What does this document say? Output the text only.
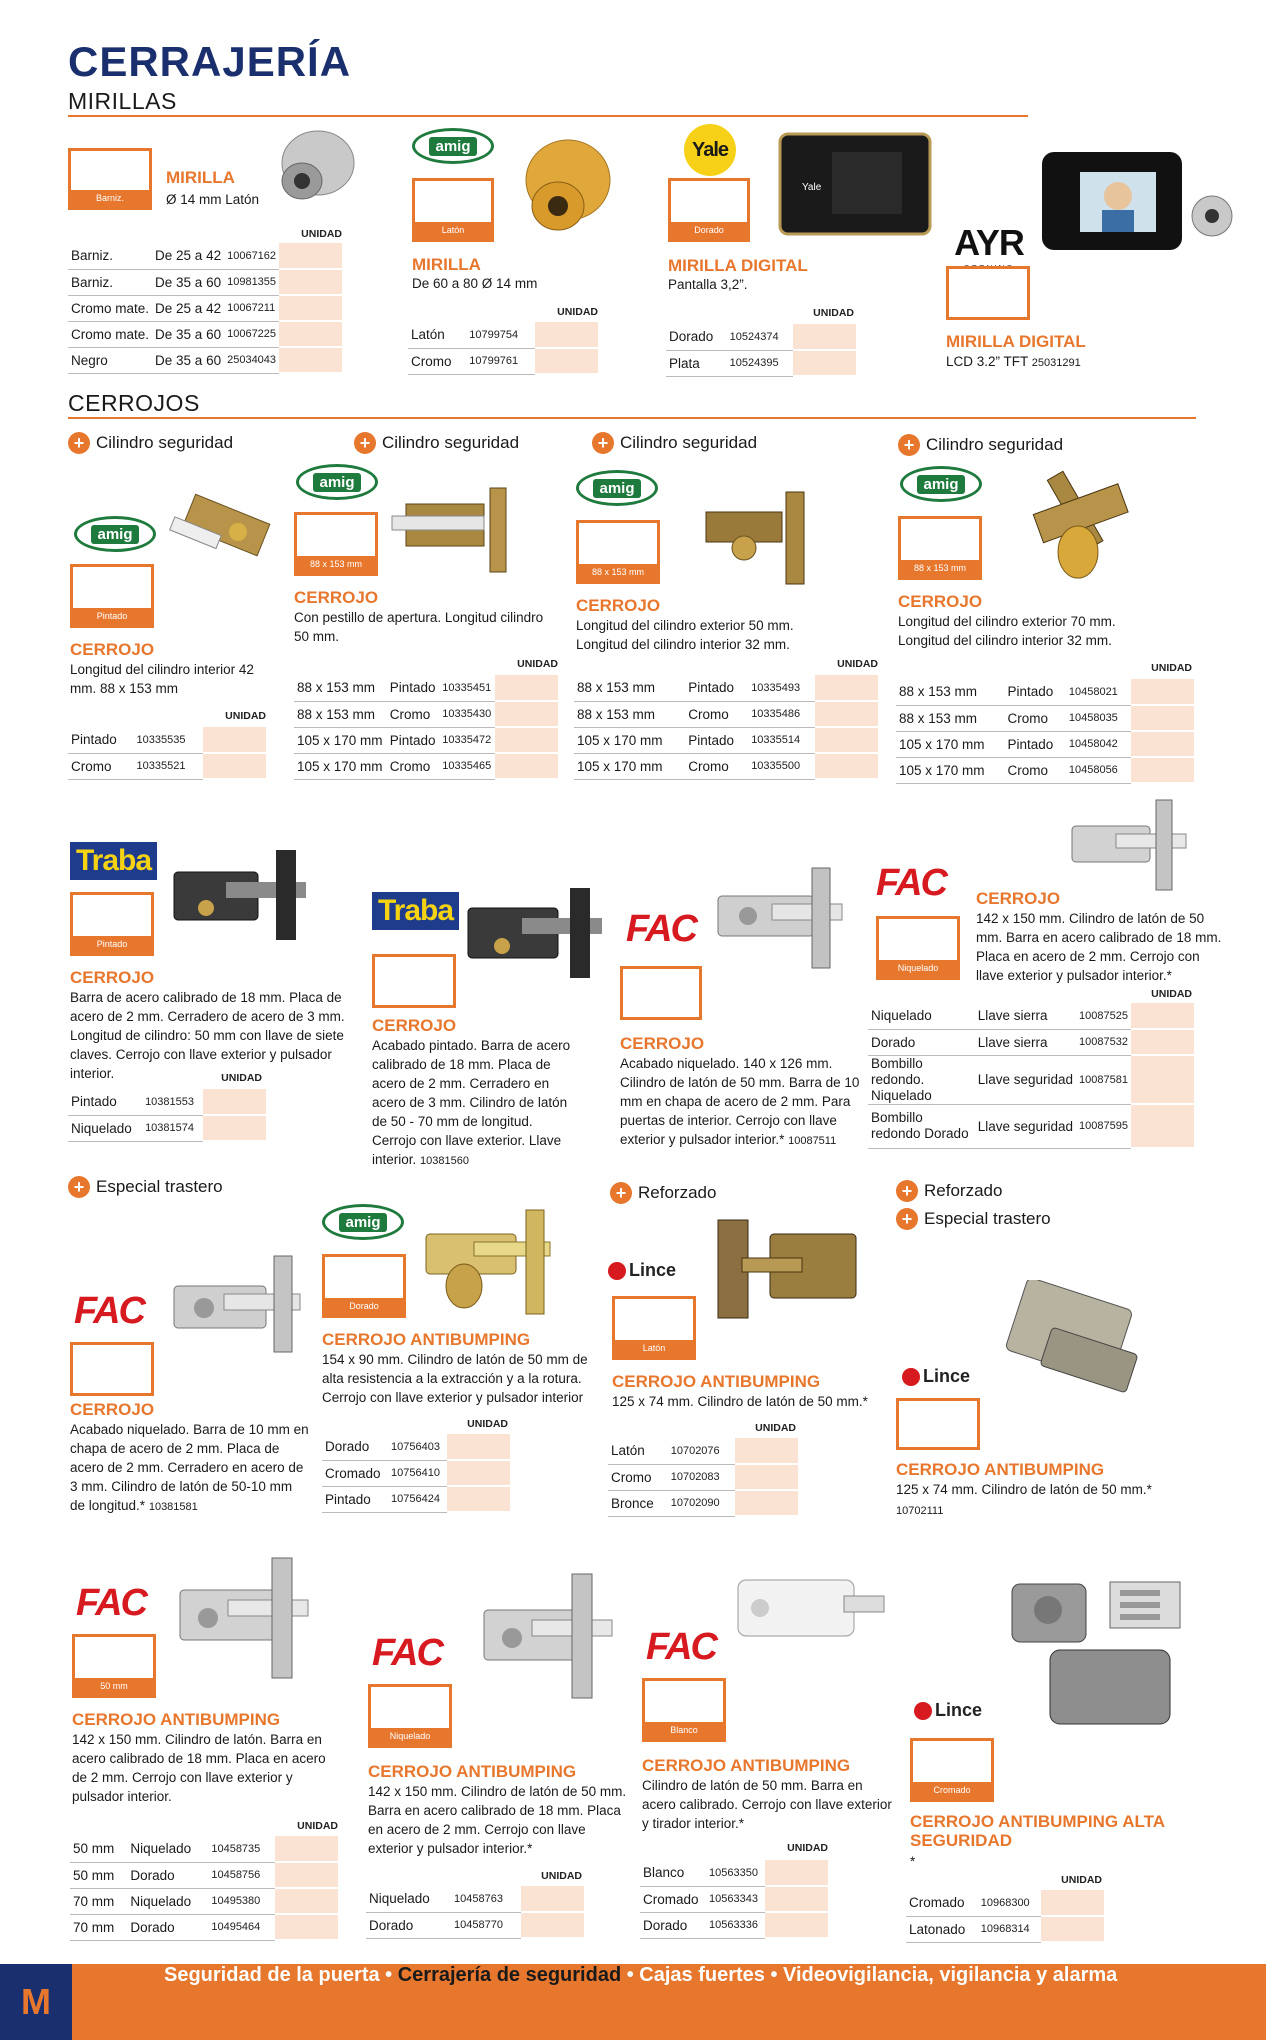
CERRAJERÍA
MIRILLAS
Barniz.
MIRILLA
Ø 14 mm Latón
UNIDAD
Barniz.	De 25 a 42	10067162	
Barniz.	De 35 a 60	10981355	
Cromo mate.	De 25 a 42	10067211	
Cromo mate.	De 35 a 60	10067225	
Negro	De 35 a 60	25034043	
amig
Latón
MIRILLA
De 60 a 80 Ø 14 mm
UNIDAD
Latón	10799754	
Cromo	10799761	
Yale
Dorado
Yale
MIRILLA DIGITAL
Pantalla 3,2”.
UNIDAD
Dorado	10524374	
Plata	10524395	
AYR
MIRILLA DIGITAL
LCD 3.2” TFT 25031291
CERROJOS
+ Cilindro seguridad
amig
Pintado
CERROJO
Longitud del cilindro interior 42 mm. 88 x 153 mm
UNIDAD
Pintado	10335535	
Cromo	10335521	
+ Cilindro seguridad
amig
88 x 153 mm
CERROJO
Con pestillo de apertura. Longitud cilindro 50 mm.
UNIDAD
88 x 153 mm	Pintado	10335451	
88 x 153 mm	Cromo	10335430	
105 x 170 mm	Pintado	10335472	
105 x 170 mm	Cromo	10335465	
+ Cilindro seguridad
amig
88 x 153 mm
CERROJO
Longitud del cilindro exterior 50 mm. Longitud del cilindro interior 32 mm.
UNIDAD
88 x 153 mm	Pintado	10335493	
88 x 153 mm	Cromo	10335486	
105 x 170 mm	Pintado	10335514	
105 x 170 mm	Cromo	10335500	
+ Cilindro seguridad
amig
88 x 153 mm
CERROJO
Longitud del cilindro exterior 70 mm. Longitud del cilindro interior 32 mm.
UNIDAD
88 x 153 mm	Pintado	10458021	
88 x 153 mm	Cromo	10458035	
105 x 170 mm	Pintado	10458042	
105 x 170 mm	Cromo	10458056	
Traba
Pintado
CERROJO
Barra de acero calibrado de 18 mm. Placa de acero de 2 mm. Cerradero de acero de 3 mm. Longitud de cilindro: 50 mm con llave de siete claves. Cerrojo con llave exterior y pulsador interior.	UNIDAD
Pintado	10381553	
Niquelado	10381574	
Traba
CERROJO
Acabado pintado. Barra de acero calibrado de 18 mm. Placa de acero de 2 mm. Cerradero en acero de 3 mm. Cilindro de latón de 50 - 70 mm de longitud. Cerrojo con llave exterior. Llave interior. 10381560
FAC
CERROJO
Acabado niquelado. 140 x 126 mm. Cilindro de latón de 50 mm. Barra de 10 mm en chapa de acero de 2 mm. Para puertas de interior. Cerrojo con llave exterior y pulsador interior.* 10087511
FAC
Niquelado
CERROJO
142 x 150 mm. Cilindro de latón de 50 mm. Barra en acero calibrado de 18 mm. Placa en acero de 2 mm. Cerrojo con llave exterior y pulsador interior.*
UNIDAD
Niquelado	Llave sierra	10087525	
Dorado	Llave sierra	10087532	
Bombillo redondo. Niquelado	Llave seguridad	10087581	
Bombillo redondo Dorado	Llave seguridad	10087595	
+ Especial trastero
FAC
CERROJO
Acabado niquelado. Barra de 10 mm en chapa de acero de 2 mm. Placa de acero de 2 mm. Cerradero en acero de 3 mm. Cilindro de latón de 50-10 mm de longitud.* 10381581
amig
Dorado
CERROJO ANTIBUMPING
154 x 90 mm. Cilindro de latón de 50 mm de alta resistencia a la extracción y a la rotura. Cerrojo con llave exterior y pulsador interior
UNIDAD
Dorado	10756403	
Cromado	10756410	
Pintado	10756424	
+ Reforzado
Lince
Latón
CERROJO ANTIBUMPING
125 x 74 mm. Cilindro de latón de 50 mm.*
UNIDAD
Latón	10702076	
Cromo	10702083	
Bronce	10702090	
+ Reforzado
+ Especial trastero
Lince
CERROJO ANTIBUMPING
125 x 74 mm. Cilindro de latón de 50 mm.*
10702111
FAC
50 mm
CERROJO ANTIBUMPING
142 x 150 mm. Cilindro de latón. Barra en acero calibrado de 18 mm. Placa en acero de 2 mm. Cerrojo con llave exterior y pulsador interior.
UNIDAD
50 mm	Niquelado	10458735	
50 mm	Dorado	10458756	
70 mm	Niquelado	10495380	
70 mm	Dorado	10495464	
FAC
Niquelado
CERROJO ANTIBUMPING
142 x 150 mm. Cilindro de latón de 50 mm. Barra en acero calibrado de 18 mm. Placa en acero de 2 mm. Cerrojo con llave exterior y pulsador interior.*
UNIDAD
Niquelado	10458763	
Dorado	10458770	
FAC
Blanco
CERROJO ANTIBUMPING
Cilindro de latón de 50 mm. Barra en acero calibrado. Cerrojo con llave exterior y tirador interior.*
UNIDAD
Blanco	10563350	
Cromado	10563343	
Dorado	10563336	
Lince
Cromado
CERROJO ANTIBUMPING ALTA SEGURIDAD
*
UNIDAD
Cromado	10968300	
Latonado	10968314	
M
Seguridad de la puerta • Cerrajería de seguridad • Cajas fuertes • Videovigilancia, vigilancia y alarma
